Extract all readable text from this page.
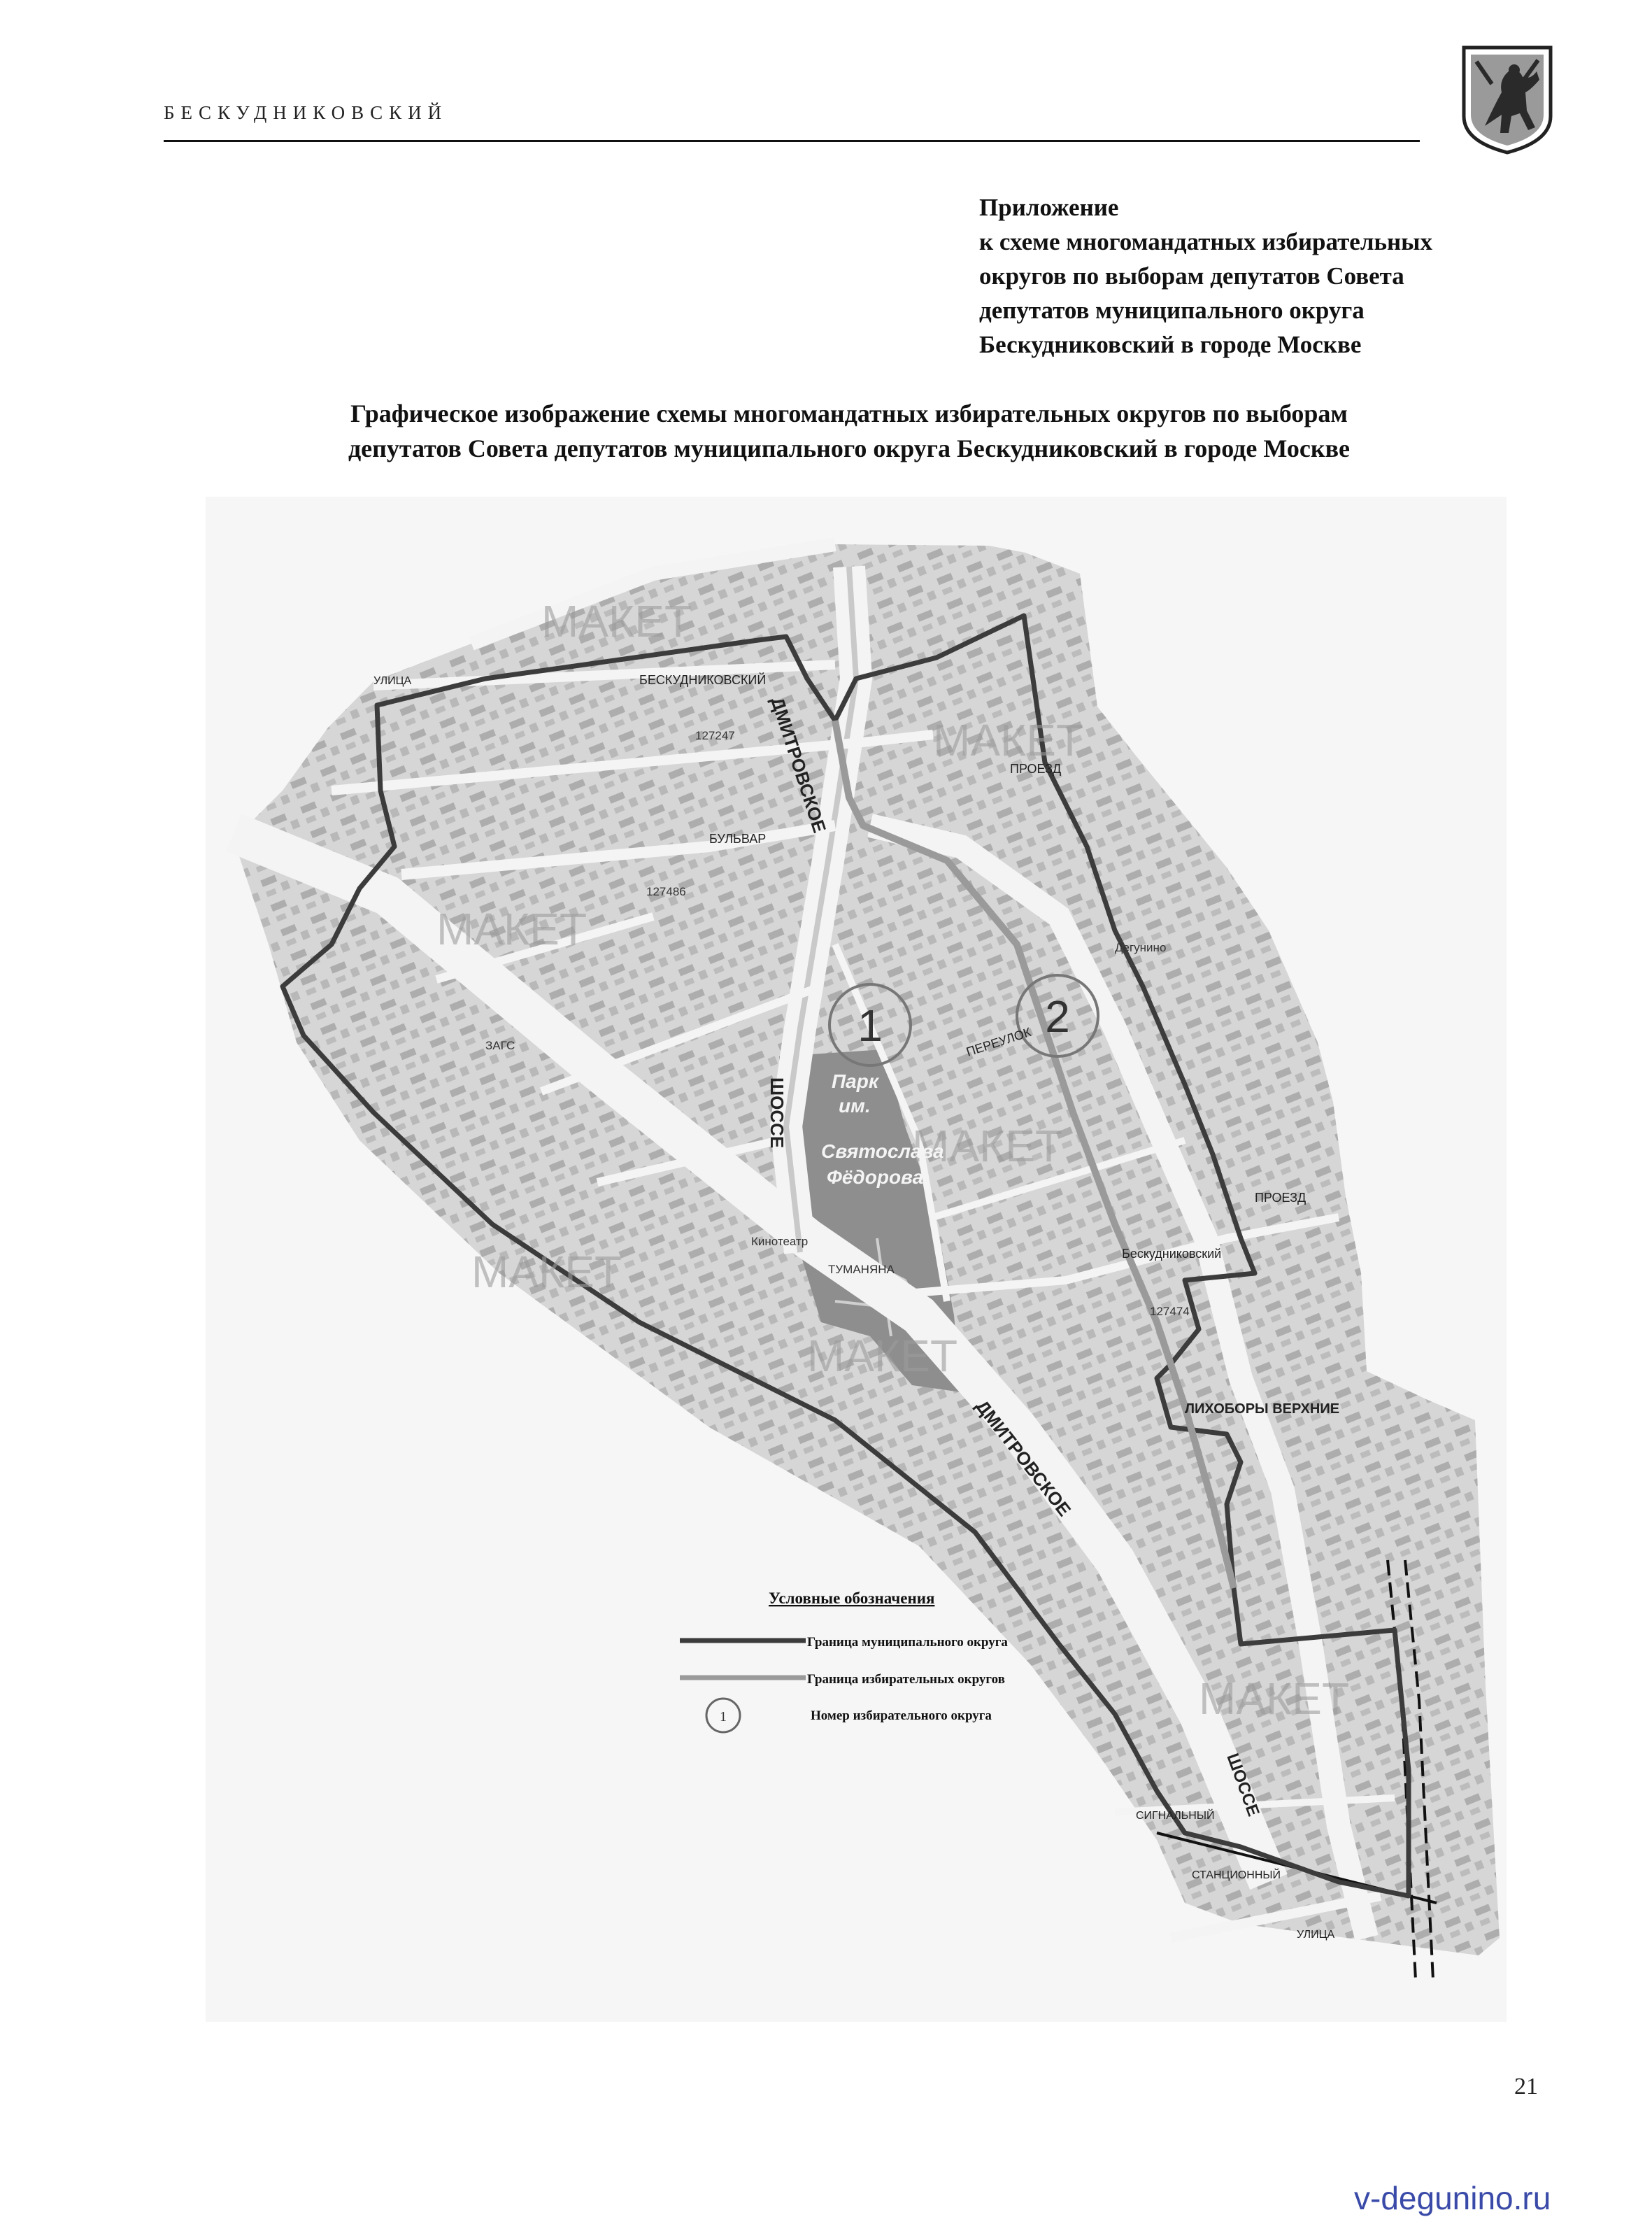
БЕСКУДНИКОВСКИЙ
Приложение
к схеме многомандатных избирательных
округов по выборам депутатов Совета
депутатов муниципального округа
Бескудниковский в городе Москве
Графическое изображение схемы многомандатных избирательных округов по выборам
депутатов Совета депутатов муниципального округа Бескудниковский в городе Москве
МАКЕТ
МАКЕТ
МАКЕТ
МАКЕТ
МАКЕТ
МАКЕТ
МАКЕТ
1	2
ДМИТРОВСКОЕ
ШОССЕ
ДМИТРОВСКОЕ
ШОССЕ
БЕСКУДНИКОВСКИЙ
ПРОЕЗД
БУЛЬВАР
ПЕРЕУЛОК
Бескудниковский
ПРОЕЗД
ЛИХОБОРЫ ВЕРХНИЕ
УЛИЦА
УЛИЦА
СИГНАЛЬНЫЙ
СТАНЦИОННЫЙ
Дегунино
ЗАГС
Кинотеатр
ТУМАНЯНА
127486
127474
127247
Парк
им.
Святослава
Фёдорова
Условные обозначения
Граница муниципального округа
Граница избирательных округов
1	Номер избирательного округа
21
v-degunino.ru
